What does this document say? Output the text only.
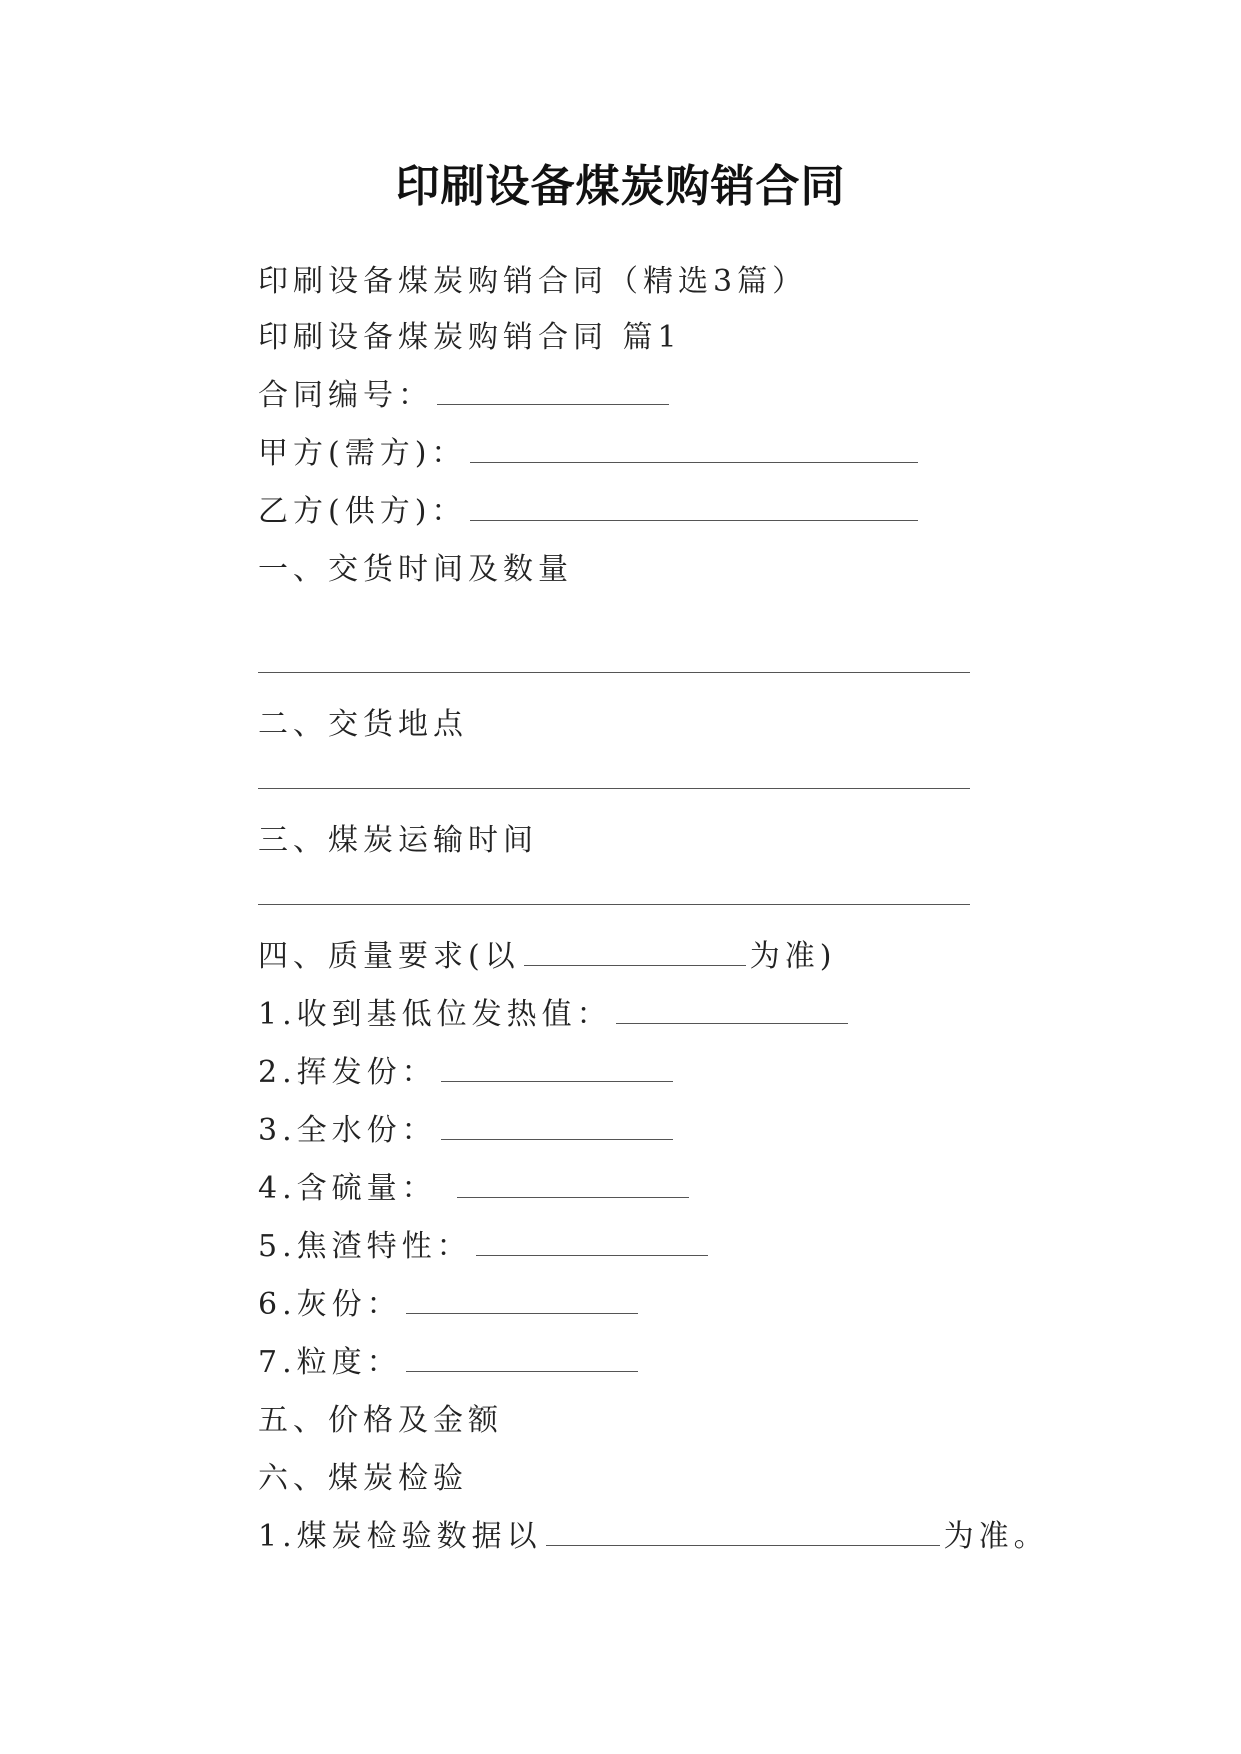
印刷设备煤炭购销合同
印刷设备煤炭购销合同（精选3篇）
印刷设备煤炭购销合同 篇1
合同编号：
甲方(需方)：
乙方(供方)：
一、交货时间及数量
二、交货地点
三、煤炭运输时间
四、质量要求(以	为准)
1.收到基低位发热值：
2.挥发份：
3.全水份：
4.含硫量：
5.焦渣特性：
6.灰份：
7.粒度：
五、价格及金额
六、煤炭检验
1.煤炭检验数据以	为准。
